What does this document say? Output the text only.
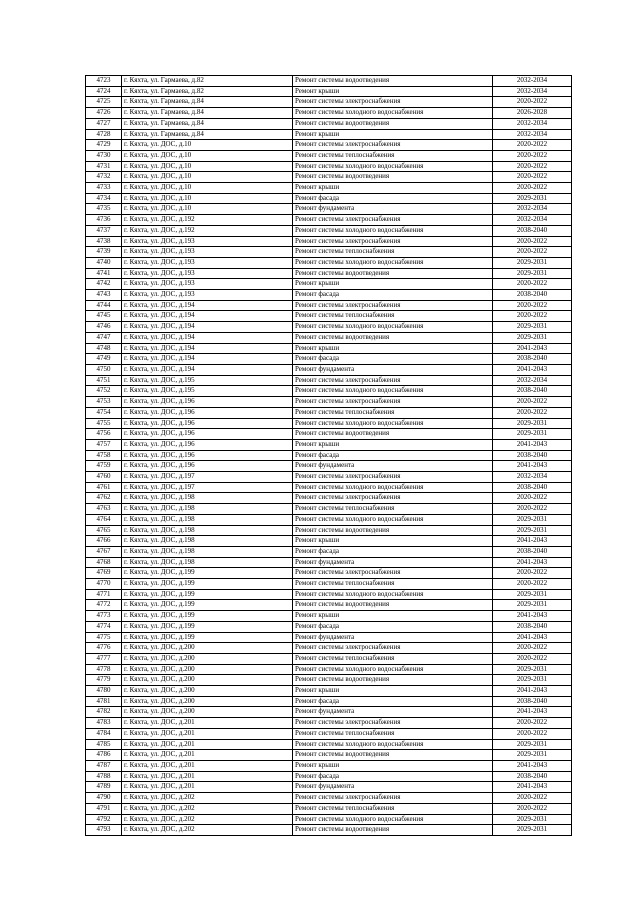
4723	г. Кяхта, ул. Гармаева, д.82	Ремонт системы водоотведения	2032-2034
4724	г. Кяхта, ул. Гармаева, д.82	Ремонт крыши	2032-2034
4725	г. Кяхта, ул. Гармаева, д.84	Ремонт системы электроснабжения	2020-2022
4726	г. Кяхта, ул. Гармаева, д.84	Ремонт системы холодного водоснабжения	2026-2028
4727	г. Кяхта, ул. Гармаева, д.84	Ремонт системы водоотведения	2032-2034
4728	г. Кяхта, ул. Гармаева, д.84	Ремонт крыши	2032-2034
4729	г. Кяхта, ул. ДОС, д.10	Ремонт системы электроснабжения	2020-2022
4730	г. Кяхта, ул. ДОС, д.10	Ремонт системы теплоснабжения	2020-2022
4731	г. Кяхта, ул. ДОС, д.10	Ремонт системы холодного водоснабжения	2020-2022
4732	г. Кяхта, ул. ДОС, д.10	Ремонт системы водоотведения	2020-2022
4733	г. Кяхта, ул. ДОС, д.10	Ремонт крыши	2020-2022
4734	г. Кяхта, ул. ДОС, д.10	Ремонт фасада	2029-2031
4735	г. Кяхта, ул. ДОС, д.10	Ремонт фундамента	2032-2034
4736	г. Кяхта, ул. ДОС, д.192	Ремонт системы электроснабжения	2032-2034
4737	г. Кяхта, ул. ДОС, д.192	Ремонт системы холодного водоснабжения	2038-2040
4738	г. Кяхта, ул. ДОС, д.193	Ремонт системы электроснабжения	2020-2022
4739	г. Кяхта, ул. ДОС, д.193	Ремонт системы теплоснабжения	2020-2022
4740	г. Кяхта, ул. ДОС, д.193	Ремонт системы холодного водоснабжения	2029-2031
4741	г. Кяхта, ул. ДОС, д.193	Ремонт системы водоотведения	2029-2031
4742	г. Кяхта, ул. ДОС, д.193	Ремонт крыши	2020-2022
4743	г. Кяхта, ул. ДОС, д.193	Ремонт фасада	2038-2040
4744	г. Кяхта, ул. ДОС, д.194	Ремонт системы электроснабжения	2020-2022
4745	г. Кяхта, ул. ДОС, д.194	Ремонт системы теплоснабжения	2020-2022
4746	г. Кяхта, ул. ДОС, д.194	Ремонт системы холодного водоснабжения	2029-2031
4747	г. Кяхта, ул. ДОС, д.194	Ремонт системы водоотведения	2029-2031
4748	г. Кяхта, ул. ДОС, д.194	Ремонт крыши	2041-2043
4749	г. Кяхта, ул. ДОС, д.194	Ремонт фасада	2038-2040
4750	г. Кяхта, ул. ДОС, д.194	Ремонт фундамента	2041-2043
4751	г. Кяхта, ул. ДОС, д.195	Ремонт системы электроснабжения	2032-2034
4752	г. Кяхта, ул. ДОС, д.195	Ремонт системы холодного водоснабжения	2038-2040
4753	г. Кяхта, ул. ДОС, д.196	Ремонт системы электроснабжения	2020-2022
4754	г. Кяхта, ул. ДОС, д.196	Ремонт системы теплоснабжения	2020-2022
4755	г. Кяхта, ул. ДОС, д.196	Ремонт системы холодного водоснабжения	2029-2031
4756	г. Кяхта, ул. ДОС, д.196	Ремонт системы водоотведения	2029-2031
4757	г. Кяхта, ул. ДОС, д.196	Ремонт крыши	2041-2043
4758	г. Кяхта, ул. ДОС, д.196	Ремонт фасада	2038-2040
4759	г. Кяхта, ул. ДОС, д.196	Ремонт фундамента	2041-2043
4760	г. Кяхта, ул. ДОС, д.197	Ремонт системы электроснабжения	2032-2034
4761	г. Кяхта, ул. ДОС, д.197	Ремонт системы холодного водоснабжения	2038-2040
4762	г. Кяхта, ул. ДОС, д.198	Ремонт системы электроснабжения	2020-2022
4763	г. Кяхта, ул. ДОС, д.198	Ремонт системы теплоснабжения	2020-2022
4764	г. Кяхта, ул. ДОС, д.198	Ремонт системы холодного водоснабжения	2029-2031
4765	г. Кяхта, ул. ДОС, д.198	Ремонт системы водоотведения	2029-2031
4766	г. Кяхта, ул. ДОС, д.198	Ремонт крыши	2041-2043
4767	г. Кяхта, ул. ДОС, д.198	Ремонт фасада	2038-2040
4768	г. Кяхта, ул. ДОС, д.198	Ремонт фундамента	2041-2043
4769	г. Кяхта, ул. ДОС, д.199	Ремонт системы электроснабжения	2020-2022
4770	г. Кяхта, ул. ДОС, д.199	Ремонт системы теплоснабжения	2020-2022
4771	г. Кяхта, ул. ДОС, д.199	Ремонт системы холодного водоснабжения	2029-2031
4772	г. Кяхта, ул. ДОС, д.199	Ремонт системы водоотведения	2029-2031
4773	г. Кяхта, ул. ДОС, д.199	Ремонт крыши	2041-2043
4774	г. Кяхта, ул. ДОС, д.199	Ремонт фасада	2038-2040
4775	г. Кяхта, ул. ДОС, д.199	Ремонт фундамента	2041-2043
4776	г. Кяхта, ул. ДОС, д.200	Ремонт системы электроснабжения	2020-2022
4777	г. Кяхта, ул. ДОС, д.200	Ремонт системы теплоснабжения	2020-2022
4778	г. Кяхта, ул. ДОС, д.200	Ремонт системы холодного водоснабжения	2029-2031
4779	г. Кяхта, ул. ДОС, д.200	Ремонт системы водоотведения	2029-2031
4780	г. Кяхта, ул. ДОС, д.200	Ремонт крыши	2041-2043
4781	г. Кяхта, ул. ДОС, д.200	Ремонт фасада	2038-2040
4782	г. Кяхта, ул. ДОС, д.200	Ремонт фундамента	2041-2043
4783	г. Кяхта, ул. ДОС, д.201	Ремонт системы электроснабжения	2020-2022
4784	г. Кяхта, ул. ДОС, д.201	Ремонт системы теплоснабжения	2020-2022
4785	г. Кяхта, ул. ДОС, д.201	Ремонт системы холодного водоснабжения	2029-2031
4786	г. Кяхта, ул. ДОС, д.201	Ремонт системы водоотведения	2029-2031
4787	г. Кяхта, ул. ДОС, д.201	Ремонт крыши	2041-2043
4788	г. Кяхта, ул. ДОС, д.201	Ремонт фасада	2038-2040
4789	г. Кяхта, ул. ДОС, д.201	Ремонт фундамента	2041-2043
4790	г. Кяхта, ул. ДОС, д.202	Ремонт системы электроснабжения	2020-2022
4791	г. Кяхта, ул. ДОС, д.202	Ремонт системы теплоснабжения	2020-2022
4792	г. Кяхта, ул. ДОС, д.202	Ремонт системы холодного водоснабжения	2029-2031
4793	г. Кяхта, ул. ДОС, д.202	Ремонт системы водоотведения	2029-2031
